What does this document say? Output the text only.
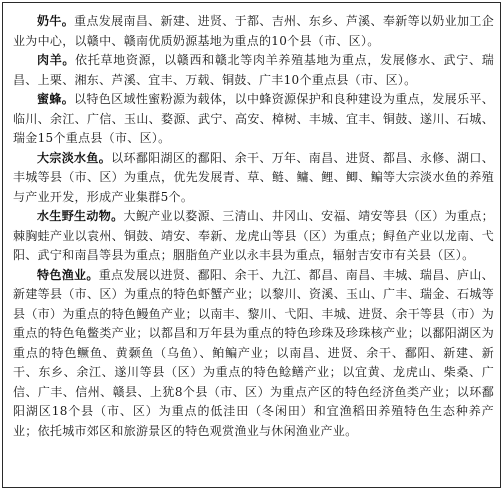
奶牛。重点发展南昌、新建、进贤、于都、吉州、东乡、芦溪、奉新等以奶业加工企业为中心，以赣中、赣南优质奶源基地为重点的10个县（市、区）。

肉羊。依托草地资源，以赣西和赣北等肉羊养殖基地为重点，发展修水、武宁、瑞昌、上栗、湘东、芦溪、宜丰、万载、铜鼓、广丰10个重点县（市、区）。

蜜蜂。以特色区域性蜜粉源为载体，以中蜂资源保护和良种建设为重点，发展乐平、临川、余江、广信、玉山、婺源、武宁、高安、樟树、丰城、宜丰、铜鼓、遂川、石城、瑞金15个重点县（市、区）。

大宗淡水鱼。以环鄱阳湖区的鄱阳、余干、万年、南昌、进贤、都昌、永修、湖口、丰城等县（市、区）为重点，优先发展青、草、鲢、鳙、鲤、鲫、鳊等大宗淡水鱼的养殖与产业开发，形成产业集群5个。

水生野生动物。大鲵产业以婺源、三清山、井冈山、安福、靖安等县（区）为重点；棘胸蛙产业以袁州、铜鼓、靖安、奉新、龙虎山等县（区）为重点；鲟鱼产业以龙南、弋阳、武宁和南昌等县为重点；胭脂鱼产业以永丰县为重点，辐射吉安市有关县（区）。

特色渔业。重点发展以进贤、鄱阳、余干、九江、都昌、南昌、丰城、瑞昌、庐山、新建等县（市、区）为重点的特色虾蟹产业；以黎川、资溪、玉山、广丰、瑞金、石城等县（市）为重点的特色鳗鱼产业；以南丰、黎川、弋阳、丰城、进贤、余干等县（市）为重点的特色龟鳖类产业；以都昌和万年县为重点的特色珍珠及珍珠核产业；以鄱阳湖区为重点的特色鳜鱼、黄颡鱼（乌鱼）、鲌鳊产业；以南昌、进贤、余干、鄱阳、新建、新干、东乡、余江、遂川等县（区）为重点的特色鲶鳝产业；以宜黄、龙虎山、柴桑、广信、广丰、信州、赣县、上犹8个县（市、区）为重点产区的特色经济鱼类产业；以环鄱阳湖区18个县（市、区）为重点的低洼田（冬闲田）和宜渔稻田养殖特色生态种养产业；依托城市郊区和旅游景区的特色观赏渔业与休闲渔业产业。
